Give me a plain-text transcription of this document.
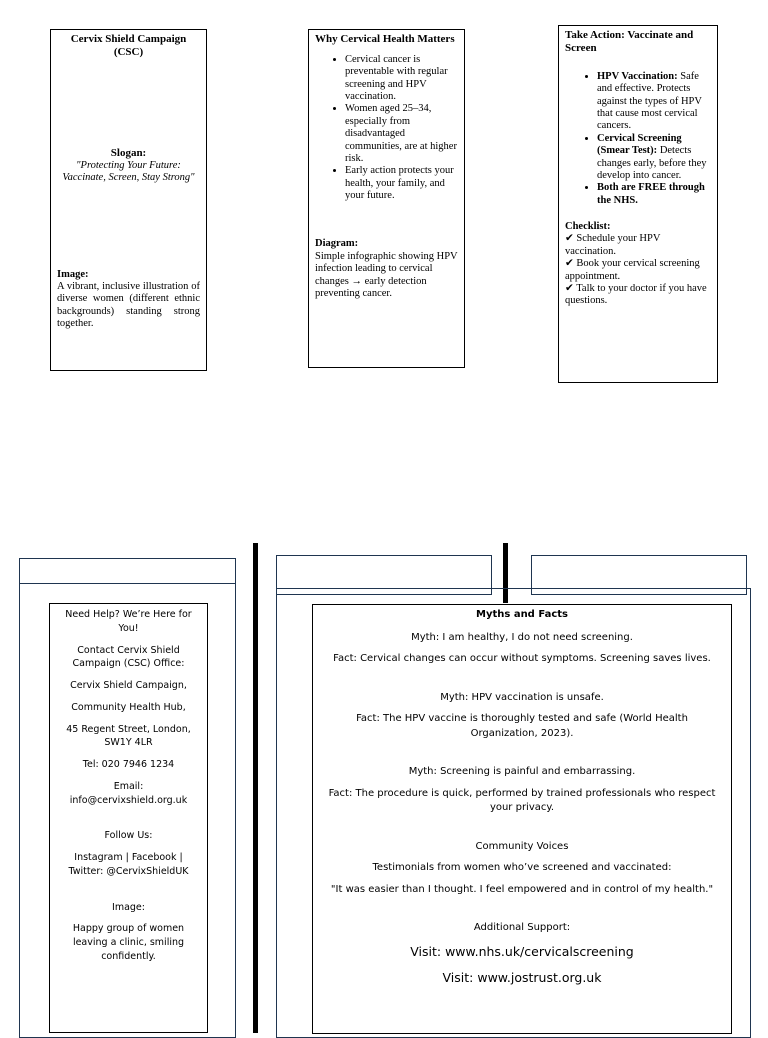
Cervix Shield Campaign (CSC)
Slogan:
"Protecting Your Future: Vaccinate, Screen, Stay Strong"
Image:
A vibrant, inclusive illustration of diverse women (different ethnic backgrounds) standing strong together.
Why Cervical Health Matters
• Cervical cancer is preventable with regular screening and HPV vaccination.
• Women aged 25–34, especially from disadvantaged communities, are at higher risk.
• Early action protects your health, your family, and your future.
Diagram:
Simple infographic showing HPV infection leading to cervical changes → early detection preventing cancer.
Take Action: Vaccinate and Screen
• HPV Vaccination: Safe and effective. Protects against the types of HPV that cause most cervical cancers.
• Cervical Screening (Smear Test): Detects changes early, before they develop into cancer.
• Both are FREE through the NHS.
Checklist:
✔ Schedule your HPV vaccination.
✔ Book your cervical screening appointment.
✔ Talk to your doctor if you have questions.

Need Help? We’re Here for You!

Contact Cervix Shield Campaign (CSC) Office:

Cervix Shield Campaign,

Community Health Hub,

45 Regent Street, London, SW1Y 4LR

Tel: 020 7946 1234

Email: info@cervixshield.org.uk

Follow Us:

Instagram | Facebook | Twitter: @CervixShieldUK

Image:

Happy group of women leaving a clinic, smiling confidently.

Myths and Facts

Myth: I am healthy, I do not need screening.

Fact: Cervical changes can occur without symptoms. Screening saves lives.

Myth: HPV vaccination is unsafe.

Fact: The HPV vaccine is thoroughly tested and safe (World Health Organization, 2023).

Myth: Screening is painful and embarrassing.

Fact: The procedure is quick, performed by trained professionals who respect your privacy.

Community Voices

Testimonials from women who’ve screened and vaccinated:

"It was easier than I thought. I feel empowered and in control of my health."

Additional Support:

Visit: www.nhs.uk/cervicalscreening

Visit: www.jostrust.org.uk
